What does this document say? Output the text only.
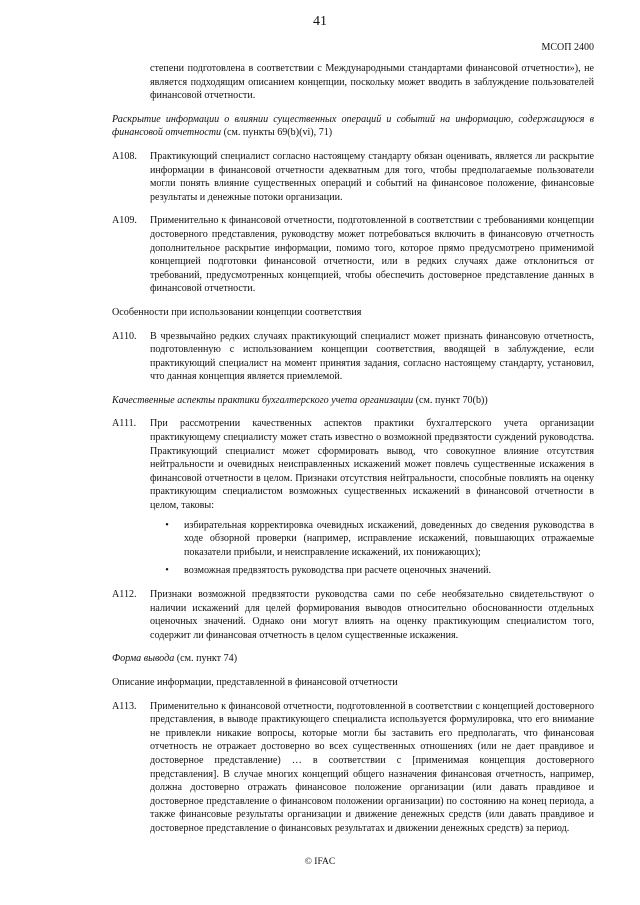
41
МСОП 2400

степени подготовлена в соответствии с Международными стандартами финансовой отчетности»), не является подходящим описанием концепции, поскольку может вводить в заблуждение пользователей финансовой отчетности.

Раскрытие информации о влиянии существенных операций и событий на информацию, содержащуюся в финансовой отчетности (см. пункты 69(b)(vi), 71)

A108.	Практикующий специалист согласно настоящему стандарту обязан оценивать, является ли раскрытие информации в финансовой отчетности адекватным для того, чтобы предполагаемые пользователи могли понять влияние существенных операций и событий на финансовое положение, финансовые результаты и денежные потоки организации.
A109.	Применительно к финансовой отчетности, подготовленной в соответствии с требованиями концепции достоверного представления, руководству может потребоваться включить в финансовую отчетность дополнительное раскрытие информации, помимо того, которое прямо предусмотрено применимой концепцией подготовки финансовой отчетности, или в редких случаях даже отклониться от требований, предусмотренных концепцией, чтобы обеспечить достоверное представление данных в финансовой отчетности.

Особенности при использовании концепции соответствия

A110.	В чрезвычайно редких случаях практикующий специалист может признать финансовую отчетность, подготовленную с использованием концепции соответствия, вводящей в заблуждение, если практикующий специалист на момент принятия задания, согласно настоящему стандарту, установил, что данная концепция является приемлемой.

Качественные аспекты практики бухгалтерского учета организации (см. пункт 70(b))

A111.	При рассмотрении качественных аспектов практики бухгалтерского учета организации практикующему специалисту может стать известно о возможной предвзятости суждений руководства. Практикующий специалист может сформировать вывод, что совокупное влияние отсутствия нейтральности и очевидных неисправленных искажений может повлечь существенные искажения в финансовой отчетности в целом. Признаки отсутствия нейтральности, способные повлиять на оценку практикующим специалистом возможных существенных искажений в финансовой отчетности в целом, таковы:
•	избирательная корректировка очевидных искажений, доведенных до сведения руководства в ходе обзорной проверки (например, исправление искажений, повышающих отражаемые показатели прибыли, и неисправление искажений, их понижающих);
•	возможная предвзятость руководства при расчете оценочных значений.
A112.	Признаки возможной предвзятости руководства сами по себе необязательно свидетельствуют о наличии искажений для целей формирования выводов относительно обоснованности отдельных оценочных значений. Однако они могут влиять на оценку практикующим специалистом того, содержит ли финансовая отчетность в целом существенные искажения.

Форма вывода (см. пункт 74)

Описание информации, представленной в финансовой отчетности

A113.	Применительно к финансовой отчетности, подготовленной в соответствии с концепцией достоверного представления, в выводе практикующего специалиста используется формулировка, что его внимание не привлекли никакие вопросы, которые могли бы заставить его предполагать, что финансовая отчетность не отражает достоверно во всех существенных отношениях (или не дает правдивое и достоверное представление) … в соответствии с [применимая концепция достоверного представления]. В случае многих концепций общего назначения финансовая отчетность, например, должна достоверно отражать финансовое положение организации (или давать правдивое и достоверное представление о финансовом положении организации) по состоянию на конец периода, а также финансовые результаты организации и движение денежных средств (или давать правдивое и достоверное представление о финансовых результатах и движении денежных средств) за период.
© IFAC
